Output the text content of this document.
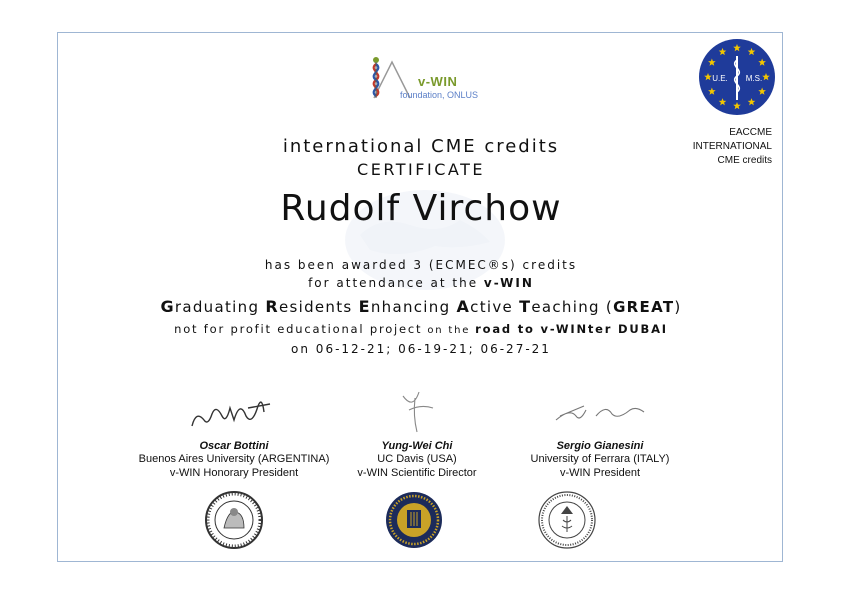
v-WIN
foundation, ONLUS
U.E. M.S.
EACCME
INTERNATIONAL
CME credits
international CME credits
CERTIFICATE
Rudolf Virchow
has been awarded 3 (ECMEC®s) credits
for attendance at the v-WIN
Graduating Residents Enhancing Active Teaching (GREAT)
not for profit educational project on the road to v-WINter DUBAI
on 06-12-21; 06-19-21; 06-27-21
Oscar Bottini
Buenos Aires University (ARGENTINA)
v-WIN Honorary President
Yung-Wei Chi
UC Davis (USA)
v-WIN Scientific Director
Sergio Gianesini
University of Ferrara (ITALY)
v-WIN President
